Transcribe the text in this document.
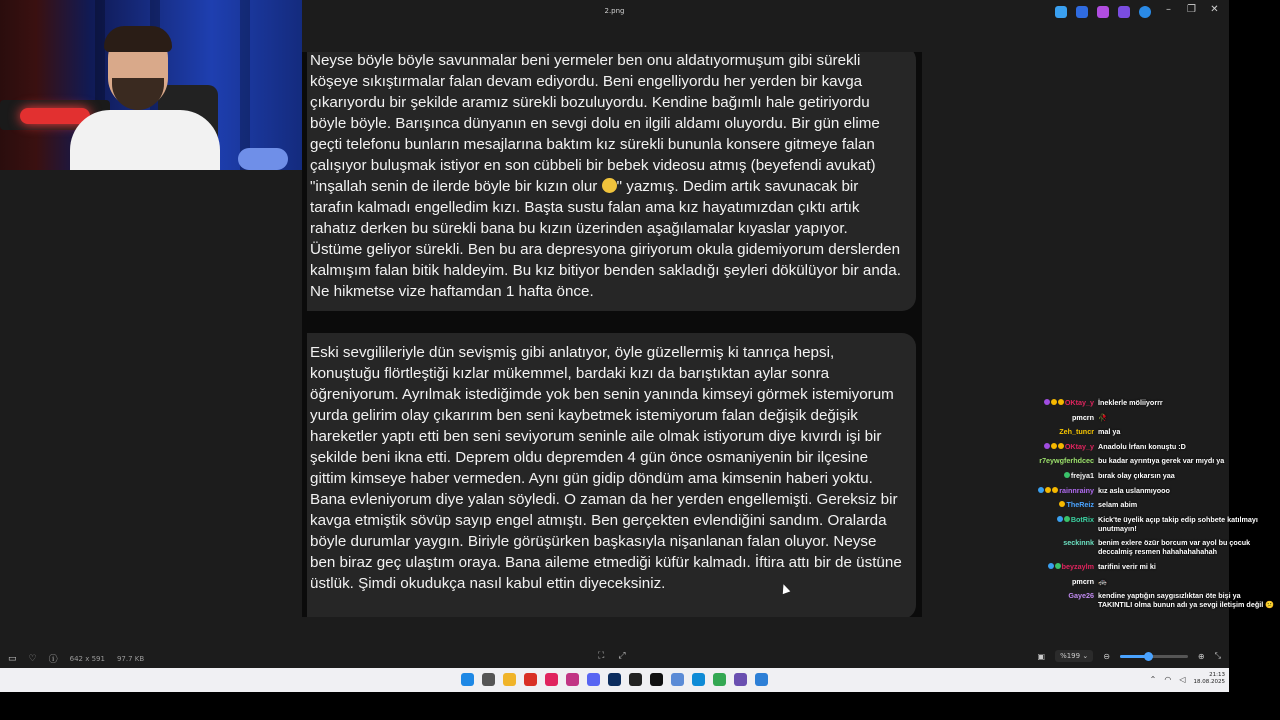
2.png	–	❐ ✕

Neyse böyle böyle savunmalar beni yermeler ben onu aldatıyormuşum gibi sürekli köşeye sıkıştırmalar falan devam ediyordu. Beni engelliyordu her yerden bir kavga çıkarıyordu bir şekilde aramız sürekli bozuluyordu. Kendine bağımlı hale getiriyordu böyle böyle. Barışınca dünyanın en sevgi dolu en ilgili aldamı oluyordu. Bir gün elime geçti telefonu bunların mesajlarına baktım kız sürekli bununla konsere gitmeye falan çalışıyor buluşmak istiyor en son cübbeli bir bebek videosu atmış (beyefendi avukat) "inşallah senin de ilerde böyle bir kızın olur " yazmış. Dedim artık savunacak bir tarafın kalmadı engelledim kızı. Başta sustu falan ama kız hayatımızdan çıktı artık rahatız derken bu sürekli bana bu kızın üzerinden aşağılamalar kıyaslar yapıyor. Üstüme geliyor sürekli. Ben bu ara depresyona giriyorum okula gidemiyorum derslerden kalmışım falan bitik haldeyim. Bu kız bitiyor benden sakladığı şeyleri dökülüyor bir anda. Ne hikmetse vize haftamdan 1 hafta önce.

Eski sevgilileriyle dün sevişmiş gibi anlatıyor, öyle güzellermiş ki tanrıça hepsi, konuştuğu flörtleştiği kızlar mükemmel, bardaki kızı da barıştıktan aylar sonra öğreniyorum. Ayrılmak istediğimde yok ben senin yanında kimseyi görmek istemiyorum yurda gelirim olay çıkarırım ben seni kaybetmek istemiyorum falan değişik değişik hareketler yaptı etti ben seni seviyorum seninle aile olmak istiyorum diye kıvırdı işi bir şekilde beni ikna etti. Deprem oldu depremden 4 gün önce osmaniyenin bir ilçesine gittim kimseye haber vermeden. Aynı gün gidip döndüm ama kimsenin haberi yoktu. Bana evleniyorum diye yalan söyledi. O zaman da her yerden engellemişti. Gereksiz bir kavga etmiştik sövüp sayıp engel atmıştı. Ben gerçekten evlendiğini sandım. Oralarda böyle durumlar yaygın. Biriyle görüşürken başkasıyla nişanlanan falan oluyor. Neyse ben biraz geç ulaştım oraya. Bana aileme etmediği küfür kalmadı. İftira attı bir de üstüne üstlük. Şimdi okudukça nasıl kabul ettin diyeceksiniz.

▭ ♡ ⓘ 642 x 591 97.7 KB	⛶ ⤢	▣	%199 ⌄	⊖	⊕ ⤡
OKtay_y İneklerle möliiyorrr
pmcrn 🥀
Zeh_tuncr mal ya
OKtay_y Anadolu İrfanı konuştu :D
r7eywgferhdcec bu kadar ayrıntıya gerek var mıydı ya
frejya1 bırak olay çıkarsın yaa
rainnrainy kız asla uslanmıyooo
TheReiz selam abim
BotRix Kick'te üyelik açıp takip edip sohbete katılmayı unutmayın!
seckinnk benim exlere özür borcum var ayol bu çocuk deccalmiş resmen hahahahahahah
beyzaylm tarifini verir mi ki
pmcrn 🚓
Gaye26 kendine yaptığın saygısızlıktan öte bişi ya TAKINTILI olma bunun adı ya sevgi iletişim değil 😕
⌃ ◠ ◁	21:13
18.08.2025
